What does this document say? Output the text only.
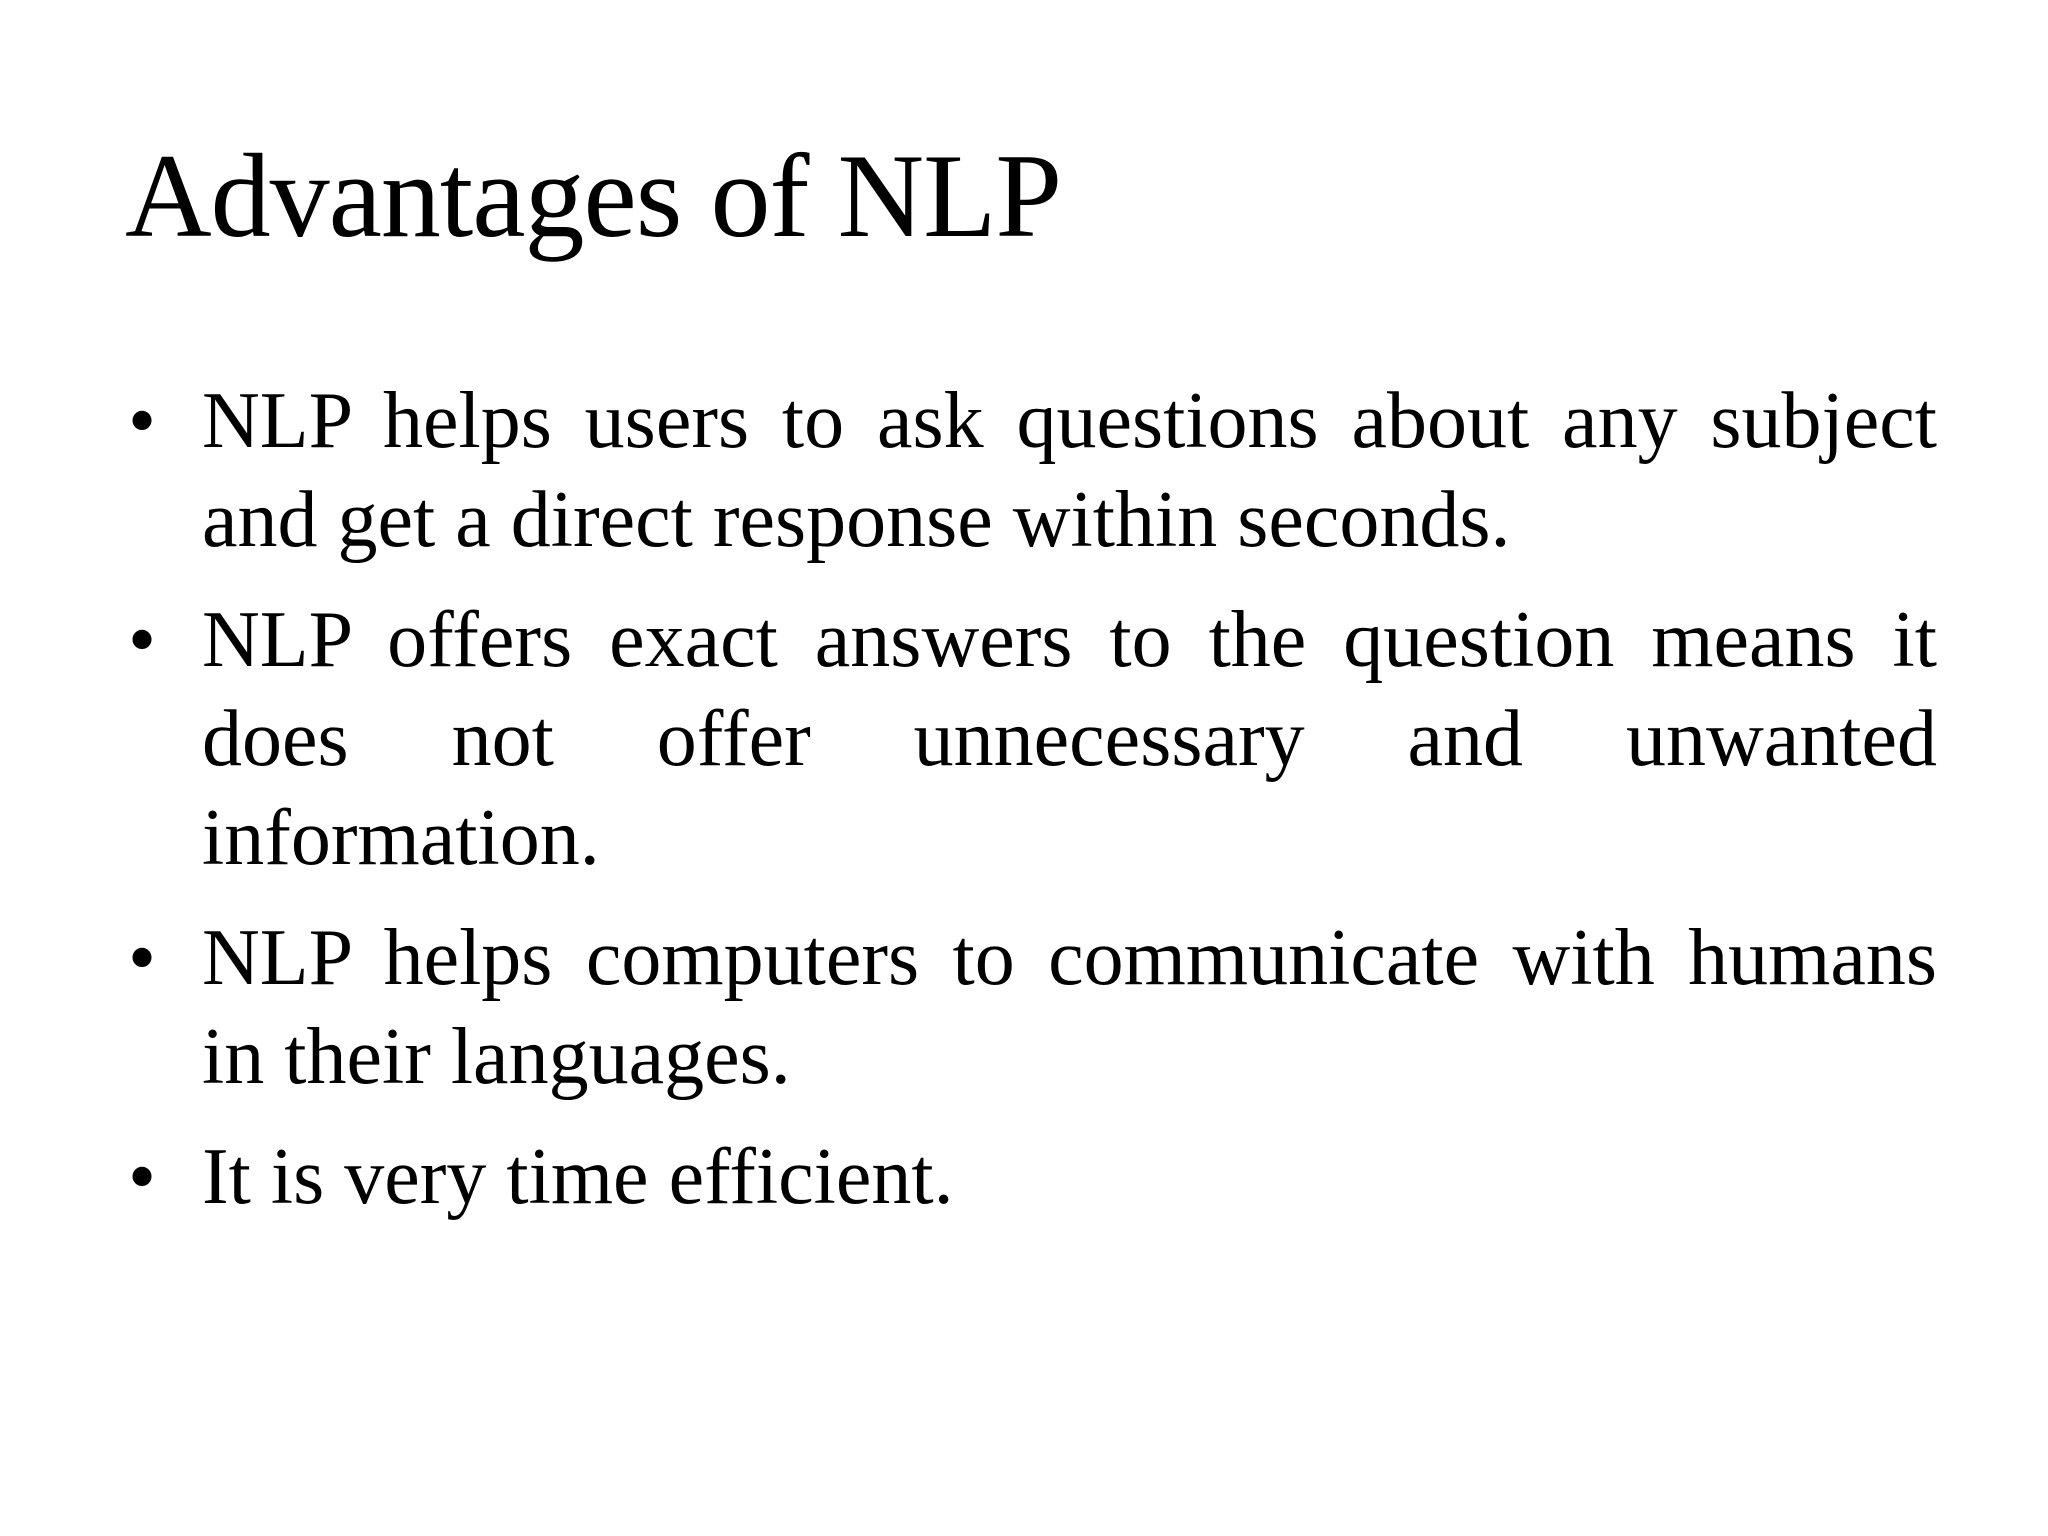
Advantages of NLP
• NLP helps users to ask questions about any subject and get a direct response within seconds.
• NLP offers exact answers to the question means it does not offer unnecessary and unwanted information.
• NLP helps computers to communicate with humans in their languages.
• It is very time efficient.
